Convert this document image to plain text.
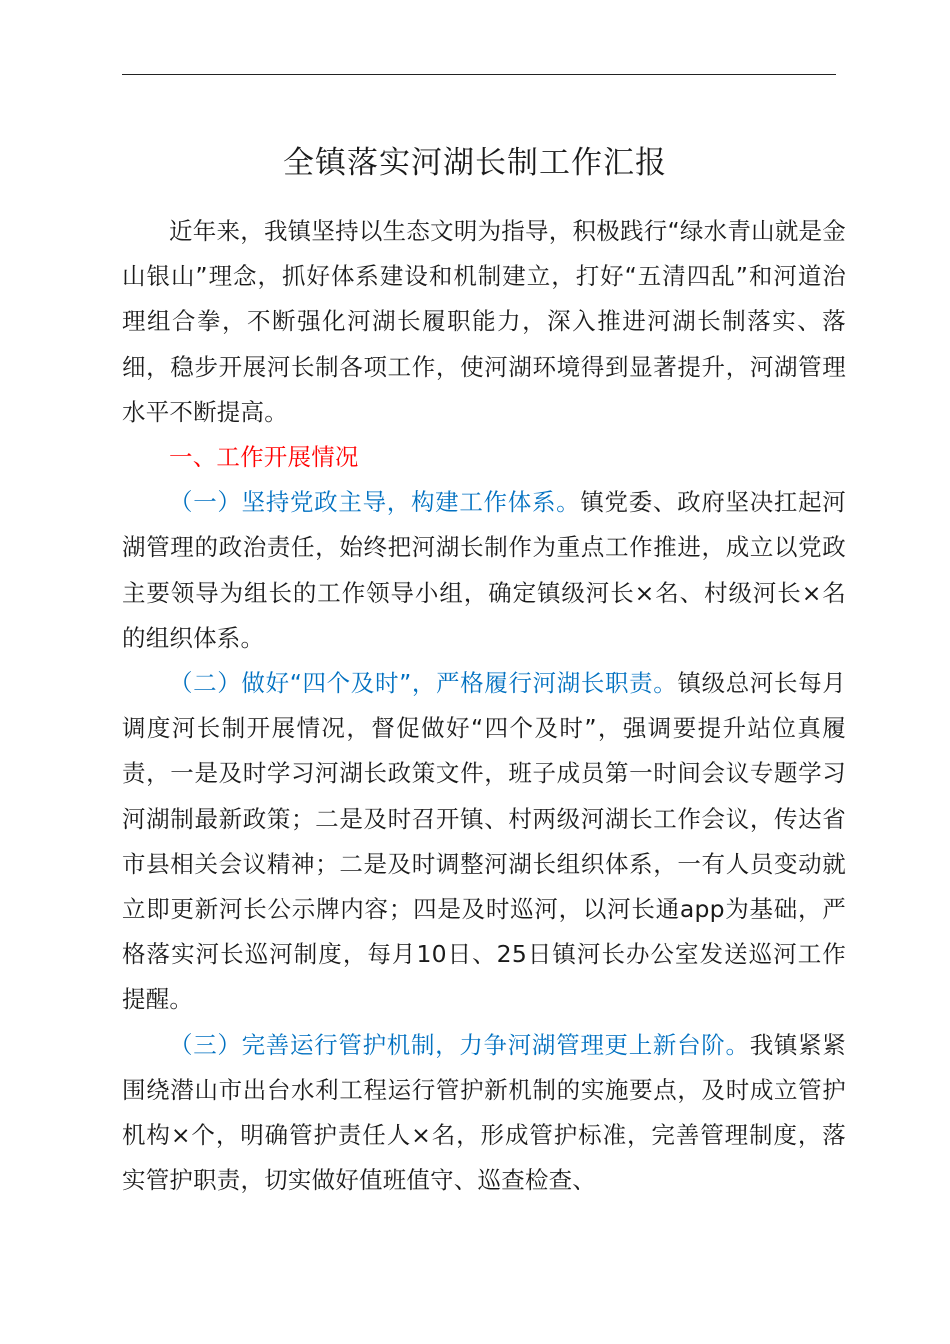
全镇落实河湖长制工作汇报

近年来，我镇坚持以生态文明为指导，积极践行“绿水青山就是金山银山”理念，抓好体系建设和机制建立，打好“五清四乱”和河道治理组合拳，不断强化河湖长履职能力，深入推进河湖长制落实、落细，稳步开展河长制各项工作，使河湖环境得到显著提升，河湖管理水平不断提高。

一、工作开展情况

（一）坚持党政主导，构建工作体系。镇党委、政府坚决扛起河湖管理的政治责任，始终把河湖长制作为重点工作推进，成立以党政主要领导为组长的工作领导小组，确定镇级河长×名、村级河长×名的组织体系。

（二）做好“四个及时”，严格履行河湖长职责。镇级总河长每月调度河长制开展情况，督促做好“四个及时”，强调要提升站位真履责，一是及时学习河湖长政策文件，班子成员第一时间会议专题学习河湖制最新政策；二是及时召开镇、村两级河湖长工作会议，传达省市县相关会议精神；二是及时调整河湖长组织体系，一有人员变动就立即更新河长公示牌内容；四是及时巡河，以河长通app为基础，严格落实河长巡河制度，每月10日、25日镇河长办公室发送巡河工作提醒。

（三）完善运行管护机制，力争河湖管理更上新台阶。我镇紧紧围绕潜山市出台水利工程运行管护新机制的实施要点，及时成立管护机构×个，明确管护责任人×名，形成管护标准，完善管理制度，落实管护职责，切实做好值班值守、巡查检查、
